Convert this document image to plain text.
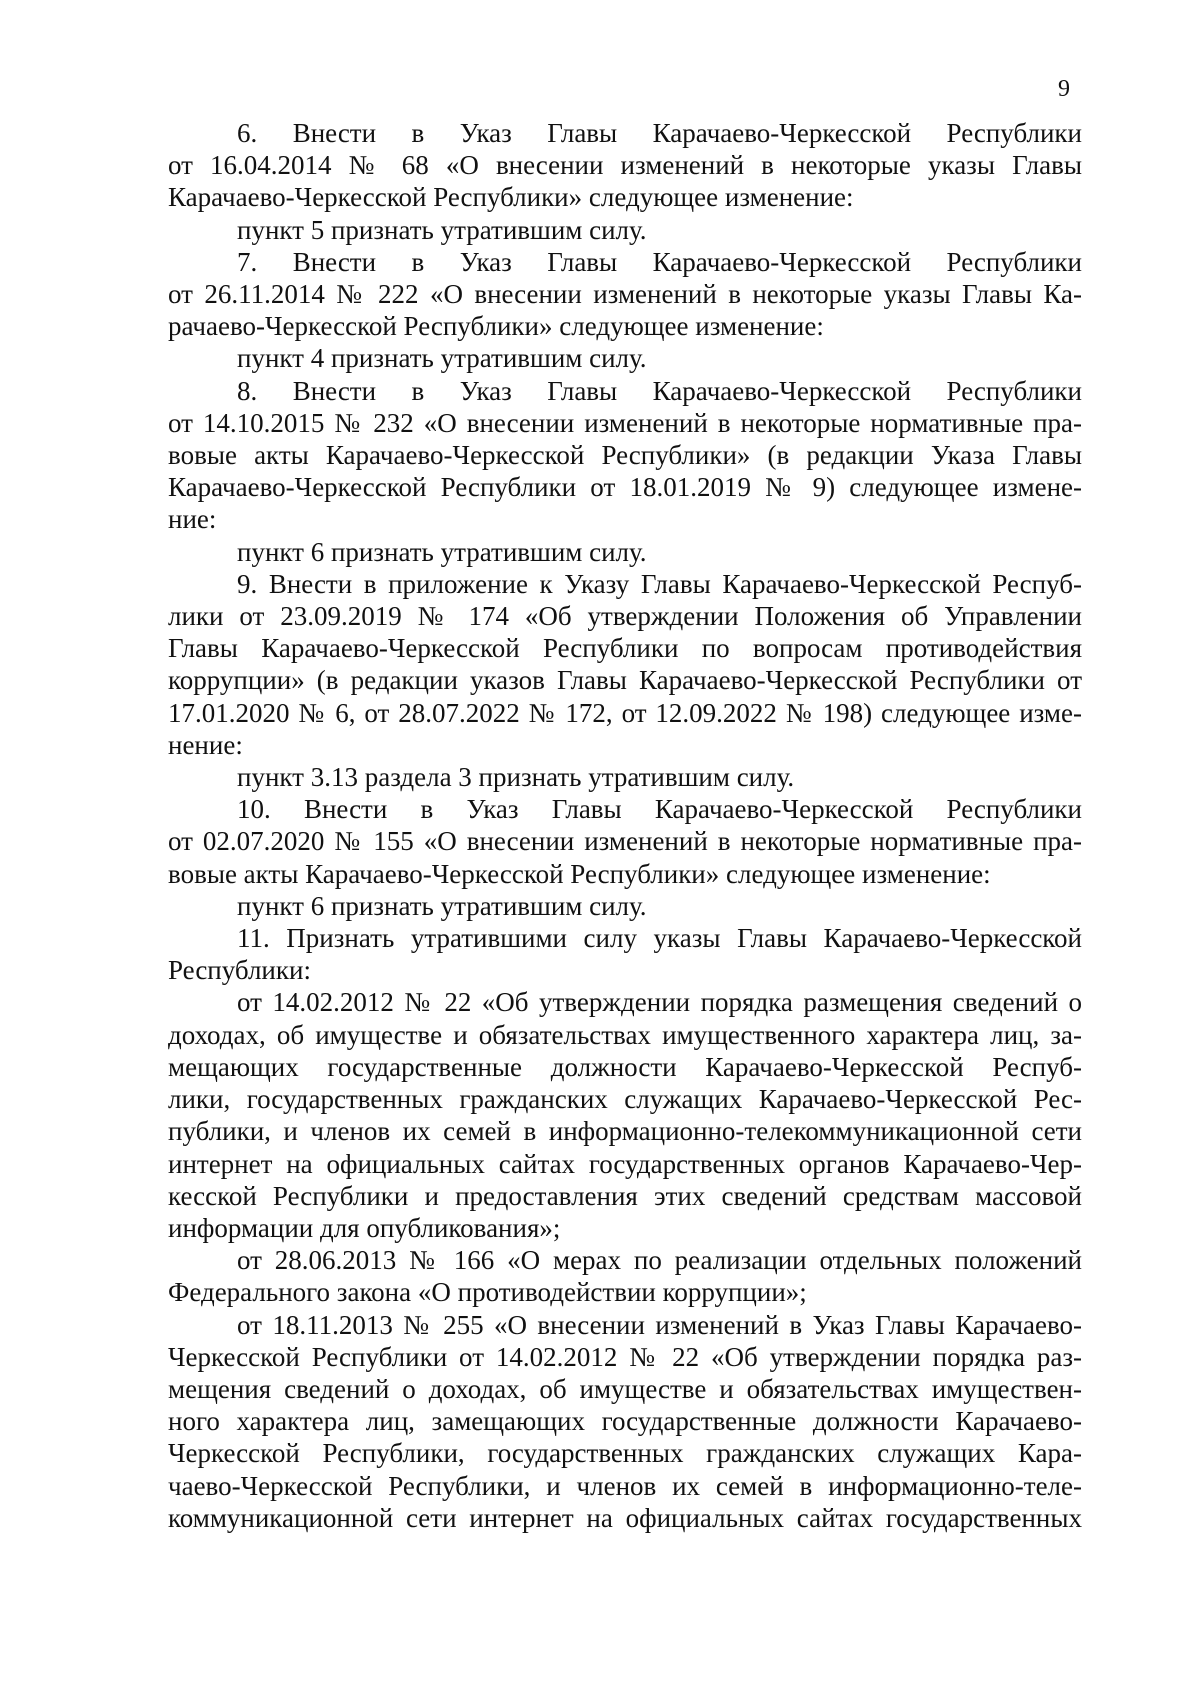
9
6. Внести в Указ Главы Карачаево-Черкесской Республики
от 16.04.2014 № 68 «О внесении изменений в некоторые указы Главы
Карачаево-Черкесской Республики» следующее изменение:
пункт 5 признать утратившим силу.
7. Внести в Указ Главы Карачаево-Черкесской Республики
от 26.11.2014 № 222 «О внесении изменений в некоторые указы Главы Ка-
рачаево-Черкесской Республики» следующее изменение:
пункт 4 признать утратившим силу.
8. Внести в Указ Главы Карачаево-Черкесской Республики
от 14.10.2015 № 232 «О внесении изменений в некоторые нормативные пра-
вовые акты Карачаево-Черкесской Республики» (в редакции Указа Главы
Карачаево-Черкесской Республики от 18.01.2019 № 9) следующее измене-
ние:
пункт 6 признать утратившим силу.
9. Внести в приложение к Указу Главы Карачаево-Черкесской Респуб-
лики от 23.09.2019 № 174 «Об утверждении Положения об Управлении
Главы Карачаево-Черкесской Республики по вопросам противодействия
коррупции» (в редакции указов Главы Карачаево-Черкесской Республики от
17.01.2020 № 6, от 28.07.2022 № 172, от 12.09.2022 № 198) следующее изме-
нение:
пункт 3.13 раздела 3 признать утратившим силу.
10. Внести в Указ Главы Карачаево-Черкесской Республики
от 02.07.2020 № 155 «О внесении изменений в некоторые нормативные пра-
вовые акты Карачаево-Черкесской Республики» следующее изменение:
пункт 6 признать утратившим силу.
11. Признать утратившими силу указы Главы Карачаево-Черкесской
Республики:
от 14.02.2012 № 22 «Об утверждении порядка размещения сведений о
доходах, об имуществе и обязательствах имущественного характера лиц, за-
мещающих государственные должности Карачаево-Черкесской Респуб-
лики, государственных гражданских служащих Карачаево-Черкесской Рес-
публики, и членов их семей в информационно-телекоммуникационной сети
интернет на официальных сайтах государственных органов Карачаево-Чер-
кесской Республики и предоставления этих сведений средствам массовой
информации для опубликования»;
от 28.06.2013 № 166 «О мерах по реализации отдельных положений
Федерального закона «О противодействии коррупции»;
от 18.11.2013 № 255 «О внесении изменений в Указ Главы Карачаево-
Черкесской Республики от 14.02.2012 № 22 «Об утверждении порядка раз-
мещения сведений о доходах, об имуществе и обязательствах имуществен-
ного характера лиц, замещающих государственные должности Карачаево-
Черкесской Республики, государственных гражданских служащих Кара-
чаево-Черкесской Республики, и членов их семей в информационно-теле-
коммуникационной сети интернет на официальных сайтах государственных
